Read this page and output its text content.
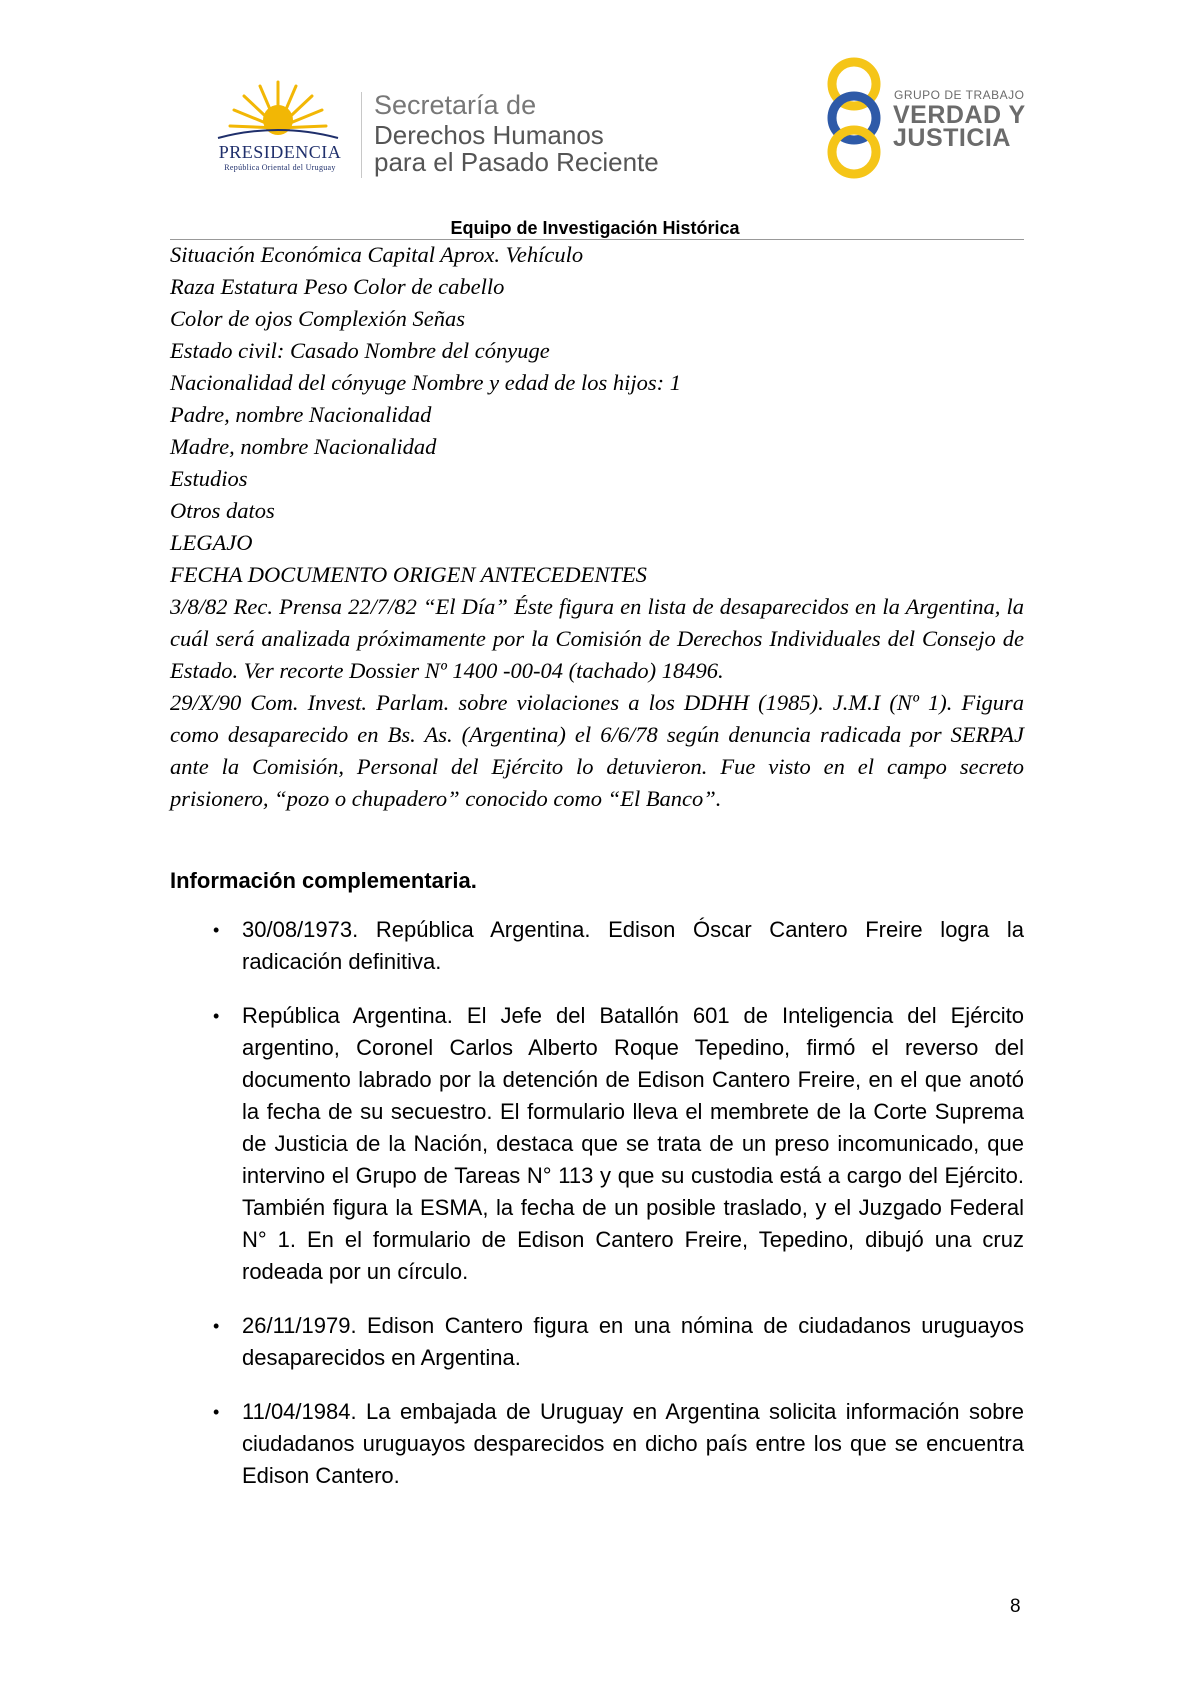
PRESIDENCIA
República Oriental del Uruguay
Secretaría de
Derechos Humanos
para el Pasado Reciente
GRUPO DE TRABAJO
VERDAD Y
JUSTICIA
Equipo de Investigación Histórica
Situación Económica Capital Aprox. Vehículo
Raza Estatura Peso Color de cabello
Color de ojos Complexión Señas
Estado civil: Casado Nombre del cónyuge
Nacionalidad del cónyuge Nombre y edad de los hijos: 1
Padre, nombre Nacionalidad
Madre, nombre Nacionalidad
Estudios
Otros datos
LEGAJO
FECHA DOCUMENTO ORIGEN ANTECEDENTES
3/8/82 Rec. Prensa 22/7/82 “El Día” Éste figura en lista de desaparecidos en la Argentina, la cuál será analizada próximamente por la Comisión de Derechos Individuales del Consejo de Estado. Ver recorte Dossier Nº 1400 -00-04 (tachado) 18496.
29/X/90 Com. Invest. Parlam. sobre violaciones a los DDHH (1985). J.M.I (Nº 1). Figura como desaparecido en Bs. As. (Argentina) el 6/6/78 según denuncia radicada por SERPAJ ante la Comisión, Personal del Ejército lo detuvieron. Fue visto en el campo secreto prisionero, “pozo o chupadero” conocido como “El Banco”.
Información complementaria.
• 30/08/1973. República Argentina. Edison Óscar Cantero Freire logra la radicación definitiva.
• República Argentina. El Jefe del Batallón 601 de Inteligencia del Ejército argentino, Coronel Carlos Alberto Roque Tepedino, firmó el reverso del documento labrado por la detención de Edison Cantero Freire, en el que anotó la fecha de su secuestro. El formulario lleva el membrete de la Corte Suprema de Justicia de la Nación, destaca que se trata de un preso incomunicado, que intervino el Grupo de Tareas N° 113 y que su custodia está a cargo del Ejército. También figura la ESMA, la fecha de un posible traslado, y el Juzgado Federal N° 1. En el formulario de Edison Cantero Freire, Tepedino, dibujó una cruz rodeada por un círculo.
• 26/11/1979. Edison Cantero figura en una nómina de ciudadanos uruguayos desaparecidos en Argentina.
• 11/04/1984. La embajada de Uruguay en Argentina solicita información sobre ciudadanos uruguayos desparecidos en dicho país entre los que se encuentra Edison Cantero.
8
